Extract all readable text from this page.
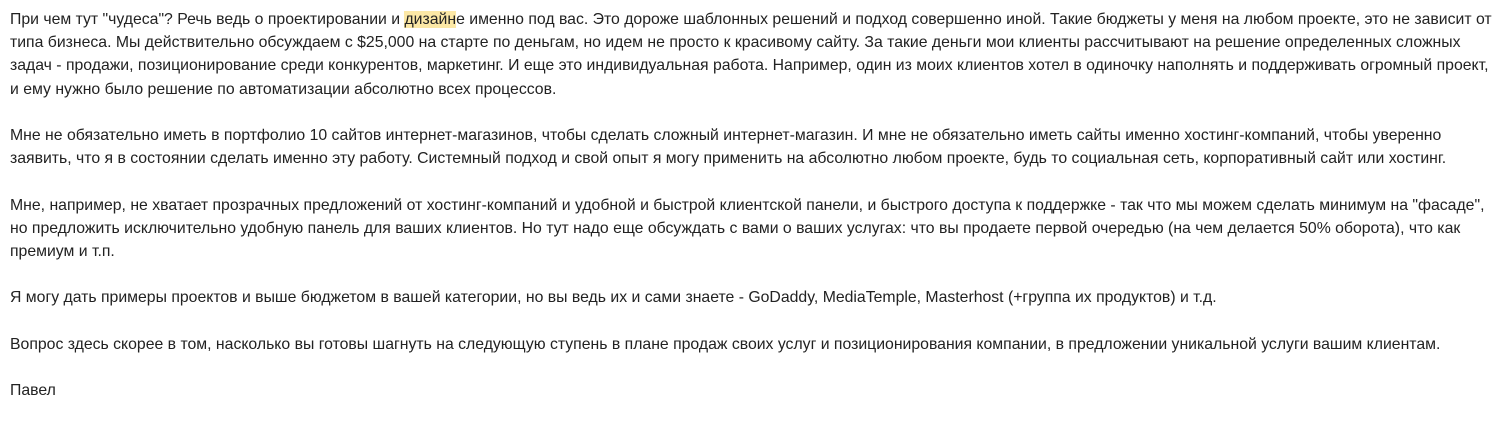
При чем тут "чудеса"? Речь ведь о проектировании и дизайне именно под вас. Это дороже шаблонных решений и подход совершенно иной. Такие бюджеты у меня на любом проекте, это не зависит от типа бизнеса. Мы действительно обсуждаем с $25,000 на старте по деньгам, но идем не просто к красивому сайту. За такие деньги мои клиенты рассчитывают на решение определенных сложных задач - продажи, позиционирование среди конкурентов, маркетинг. И еще это индивидуальная работа. Например, один из моих клиентов хотел в одиночку наполнять и поддерживать огромный проект, и ему нужно было решение по автоматизации абсолютно всех процессов.

Мне не обязательно иметь в портфолио 10 сайтов интернет-магазинов, чтобы сделать сложный интернет-магазин. И мне не обязательно иметь сайты именно хостинг-компаний, чтобы уверенно заявить, что я в состоянии сделать именно эту работу. Системный подход и свой опыт я могу применить на абсолютно любом проекте, будь то социальная сеть, корпоративный сайт или хостинг.

Мне, например, не хватает прозрачных предложений от хостинг-компаний и удобной и быстрой клиентской панели, и быстрого доступа к поддержке - так что мы можем сделать минимум на "фасаде", но предложить исключительно удобную панель для ваших клиентов. Но тут надо еще обсуждать с вами о ваших услугах: что вы продаете первой очередью (на чем делается 50% оборота), что как премиум и т.п.

Я могу дать примеры проектов и выше бюджетом в вашей категории, но вы ведь их и сами знаете - GoDaddy, MediaTemple, Masterhost (+группа их продуктов) и т.д.

Вопрос здесь скорее в том, насколько вы готовы шагнуть на следующую ступень в плане продаж своих услуг и позиционирования компании, в предложении уникальной услуги вашим клиентам.

Павел
